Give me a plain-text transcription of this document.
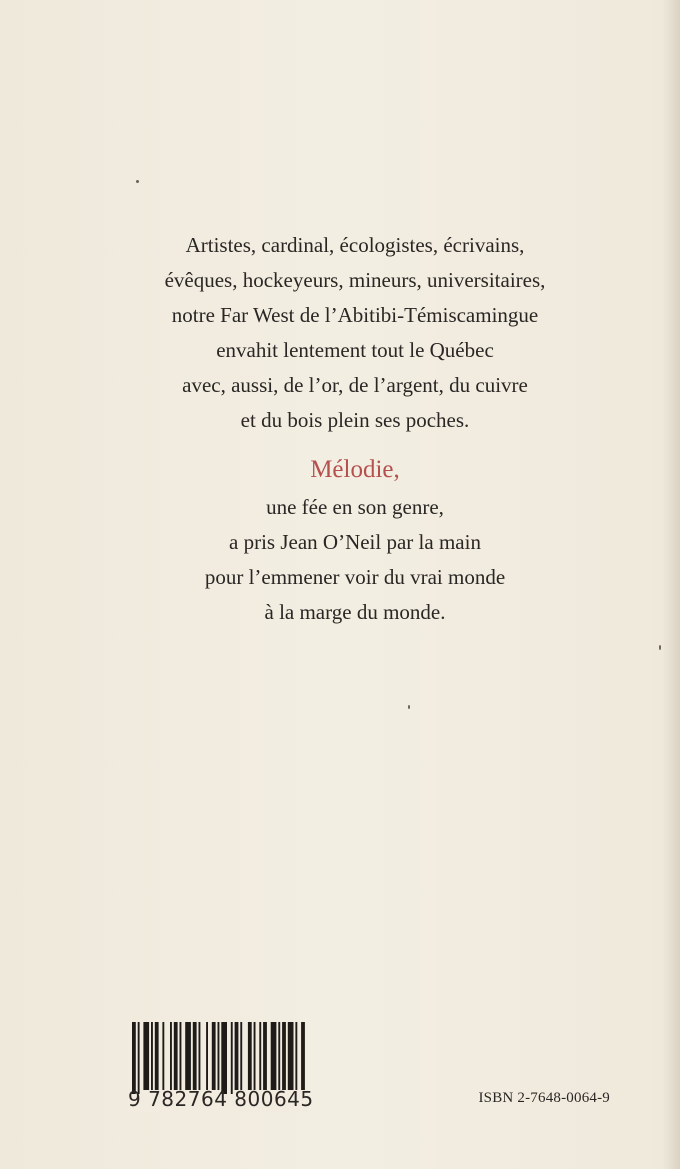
Artistes, cardinal, écologistes, écrivains,
évêques, hockeyeurs, mineurs, universitaires,
notre Far West de l’Abitibi-Témiscamingue
envahit lentement tout le Québec
avec, aussi, de l’or, de l’argent, du cuivre
et du bois plein ses poches.
Mélodie,
une fée en son genre,
a pris Jean O’Neil par la main
pour l’emmener voir du vrai monde
à la marge du monde.
9 782764 800645	ISBN 2-7648-0064-9
